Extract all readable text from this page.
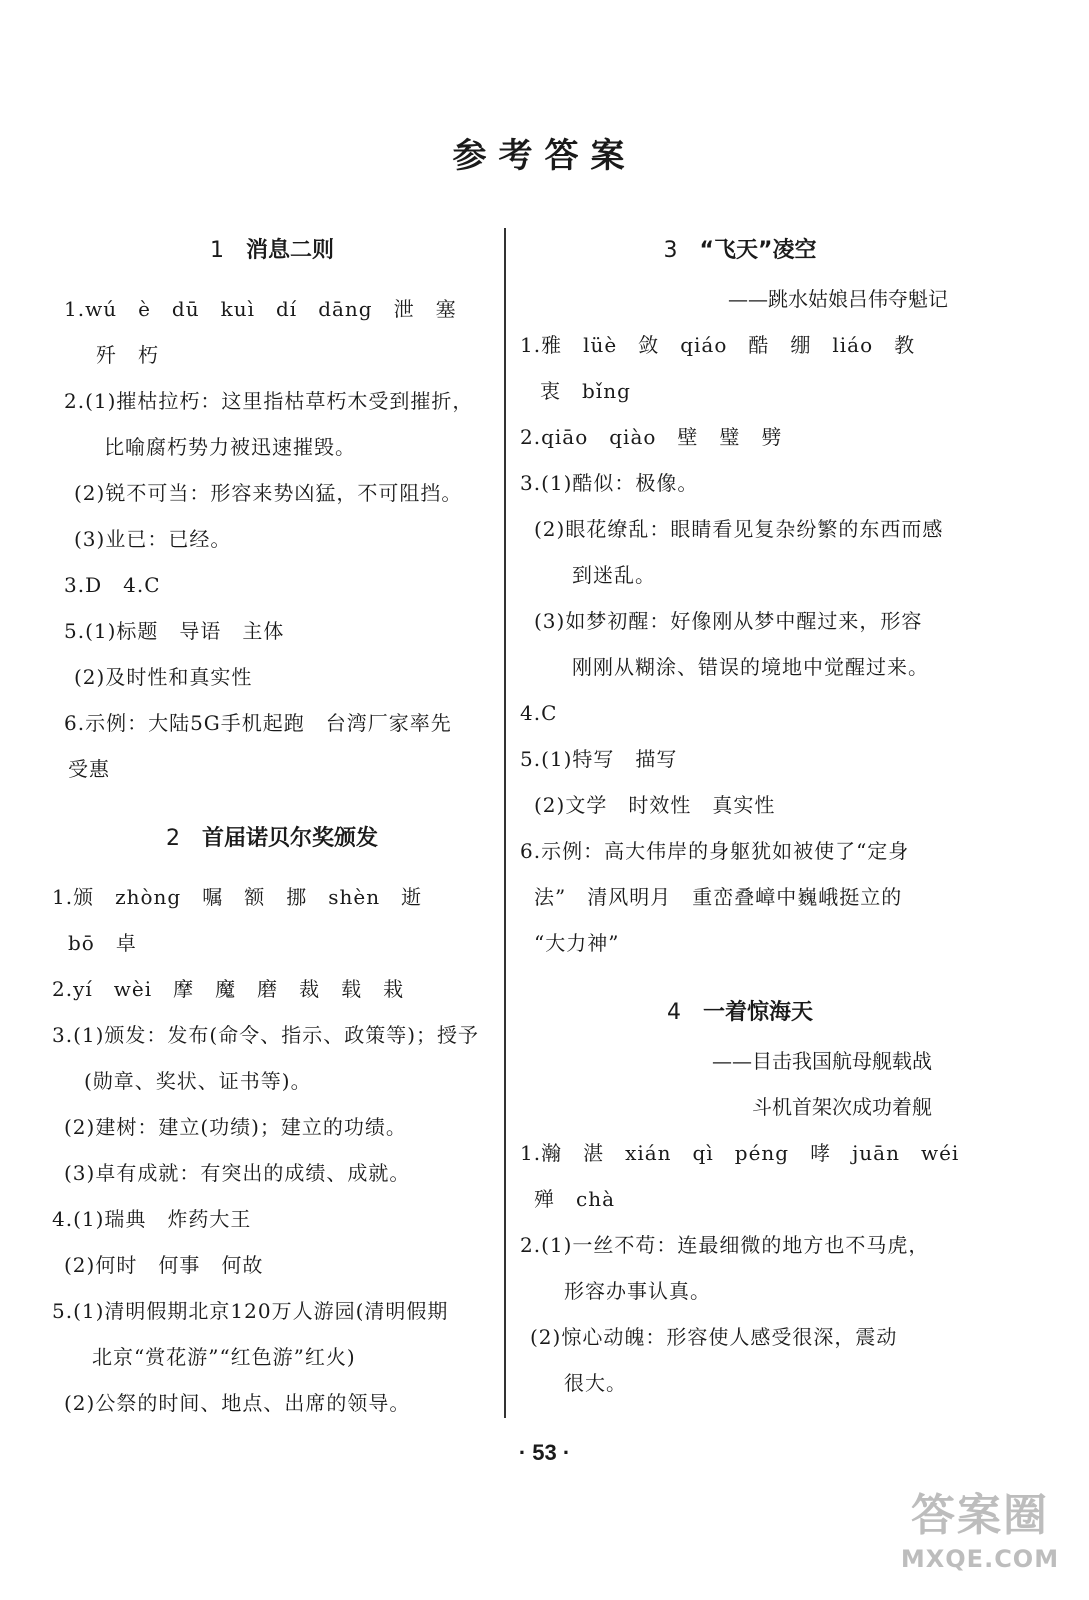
参考答案
1 消息二则
1.wú　è　dū　kuì　dí　dāng　泄　塞
歼　朽
2.(1)摧枯拉朽：这里指枯草朽木受到摧折，
比喻腐朽势力被迅速摧毁。
(2)锐不可当：形容来势凶猛，不可阻挡。
(3)业已：已经。
3.D　4.C
5.(1)标题　导语　主体
(2)及时性和真实性
6.示例：大陆5G手机起跑　台湾厂家率先
受惠
2 首届诺贝尔奖颁发
1.颁　zhòng　嘱　额　挪　shèn　逝
bō　卓
2.yí　wèi　摩　魔　磨　裁　载　栽
3.(1)颁发：发布(命令、指示、政策等)；授予
(勋章、奖状、证书等)。
(2)建树：建立(功绩)；建立的功绩。
(3)卓有成就：有突出的成绩、成就。
4.(1)瑞典　炸药大王
(2)何时　何事　何故
5.(1)清明假期北京120万人游园(清明假期
北京“赏花游”“红色游”红火)
(2)公祭的时间、地点、出席的领导。
3 “飞天”凌空
——跳水姑娘吕伟夺魁记
1.雅　lüè　敛　qiáo　酷　绷　liáo　教
衷　bǐng
2.qiāo　qiào　壁　璧　劈
3.(1)酷似：极像。
(2)眼花缭乱：眼睛看见复杂纷繁的东西而感
到迷乱。
(3)如梦初醒：好像刚从梦中醒过来，形容
刚刚从糊涂、错误的境地中觉醒过来。
4.C
5.(1)特写　描写
(2)文学　时效性　真实性
6.示例：高大伟岸的身躯犹如被使了“定身
法”　清风明月　重峦叠嶂中巍峨挺立的
“大力神”
4 一着惊海天
——目击我国航母舰载战
斗机首架次成功着舰
1.瀚　湛　xián　qì　péng　哮　juān　wéi
殚　chà
2.(1)一丝不苟：连最细微的地方也不马虎，
形容办事认真。
(2)惊心动魄：形容使人感受很深，震动
很大。
· 53 ·
答案圈
MXQE.COM
